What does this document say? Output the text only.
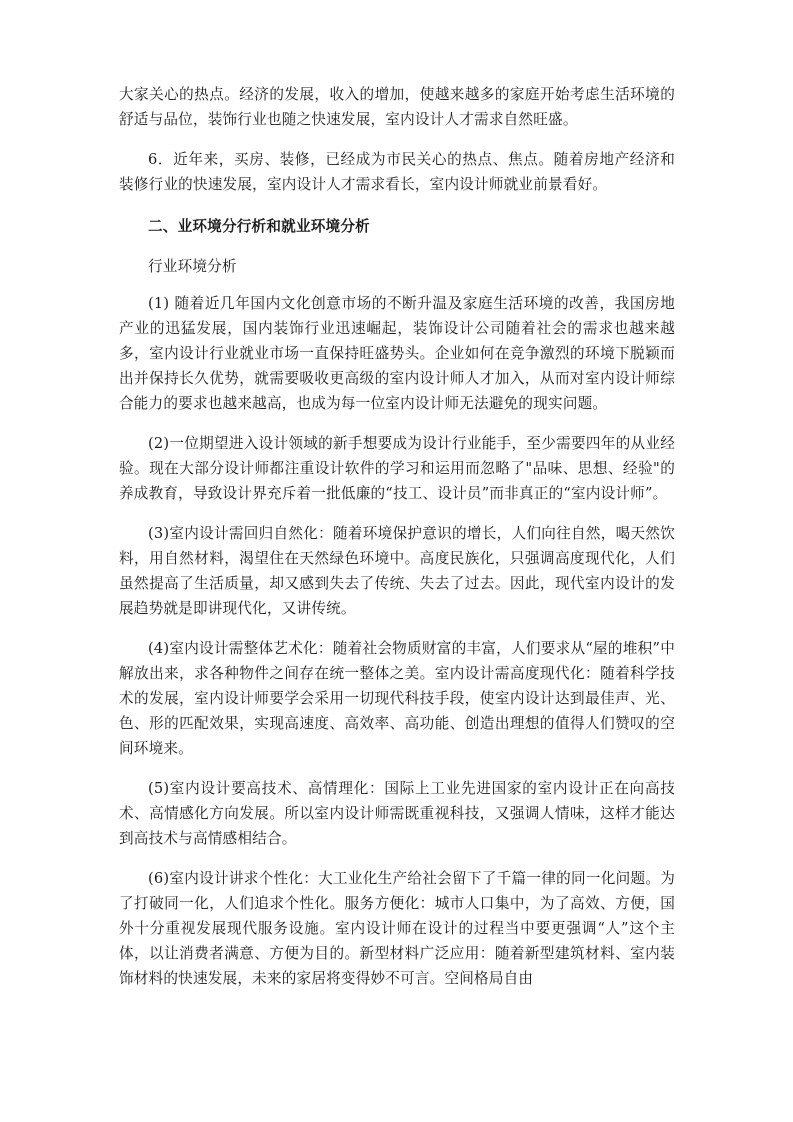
大家关心的热点。经济的发展，收入的增加，使越来越多的家庭开始考虑生活环境的舒适与品位，装饰行业也随之快速发展，室内设计人才需求自然旺盛。

6．近年来，买房、装修，已经成为市民关心的热点、焦点。随着房地产经济和装修行业的快速发展，室内设计人才需求看长，室内设计师就业前景看好。

二、业环境分行析和就业环境分析

行业环境分析

(1) 随着近几年国内文化创意市场的不断升温及家庭生活环境的改善，我国房地产业的迅猛发展，国内装饰行业迅速崛起，装饰设计公司随着社会的需求也越来越多，室内设计行业就业市场一直保持旺盛势头。企业如何在竞争激烈的环境下脱颖而出并保持长久优势，就需要吸收更高级的室内设计师人才加入，从而对室内设计师综合能力的要求也越来越高，也成为每一位室内设计师无法避免的现实问题。

(2)一位期望进入设计领域的新手想要成为设计行业能手，至少需要四年的从业经验。现在大部分设计师都注重设计软件的学习和运用而忽略了"品味、思想、经验"的养成教育，导致设计界充斥着一批低廉的“技工、设计员”而非真正的“室内设计师”。

(3)室内设计需回归自然化：随着环境保护意识的增长，人们向往自然，喝天然饮料，用自然材料，渴望住在天然绿色环境中。高度民族化，只强调高度现代化，人们虽然提高了生活质量，却又感到失去了传统、失去了过去。因此，现代室内设计的发展趋势就是即讲现代化，又讲传统。

(4)室内设计需整体艺术化：随着社会物质财富的丰富，人们要求从“屋的堆积”中解放出来，求各种物件之间存在统一整体之美。室内设计需高度现代化：随着科学技术的发展，室内设计师要学会采用一切现代科技手段，使室内设计达到最佳声、光、色、形的匹配效果，实现高速度、高效率、高功能、创造出理想的值得人们赞叹的空间环境来。

(5)室内设计要高技术、高情理化：国际上工业先进国家的室内设计正在向高技术、高情感化方向发展。所以室内设计师需既重视科技，又强调人情味，这样才能达到高技术与高情感相结合。

(6)室内设计讲求个性化：大工业化生产给社会留下了千篇一律的同一化问题。为了打破同一化，人们追求个性化。服务方便化：城市人口集中，为了高效、方便，国外十分重视发展现代服务设施。室内设计师在设计的过程当中要更强调“人”这个主体，以让消费者满意、方便为目的。新型材料广泛应用：随着新型建筑材料、室内装饰材料的快速发展，未来的家居将变得妙不可言。空间格局自由
